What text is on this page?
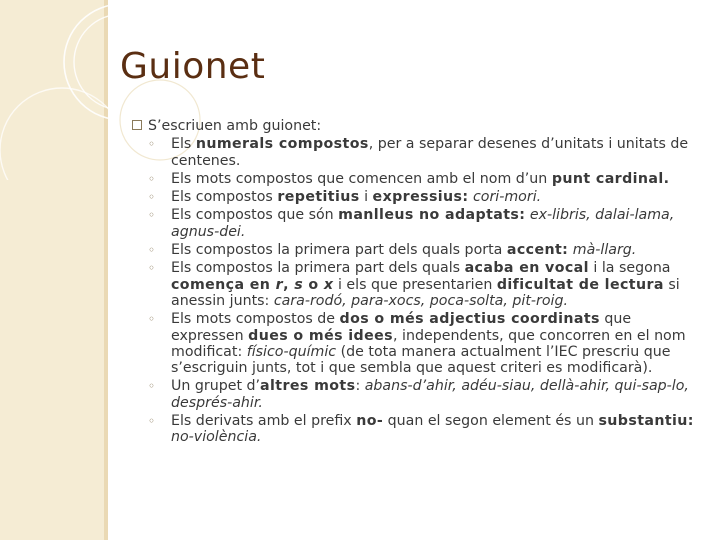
Guionet
S’escriuen amb guionet:
◦ Els numerals compostos, per a separar desenes d’unitats i unitats de centenes.
◦ Els mots compostos que comencen amb el nom d’un punt cardinal.
◦ Els compostos repetitius i expressius: cori-mori.
◦ Els compostos que són manlleus no adaptats: ex-libris, dalai-lama, agnus-dei.
◦ Els compostos la primera part dels quals porta accent: mà-llarg.
◦ Els compostos la primera part dels quals acaba en vocal i la segona comença en r, s o x i els que presentarien dificultat de lectura si anessin junts: cara-rodó, para-xocs, poca-solta, pit-roig.
◦ Els mots compostos de dos o més adjectius coordinats que expressen dues o més idees, independents, que concorren en el nom modificat: físico-químic (de tota manera actualment l’IEC prescriu que s’escriguin junts, tot i que sembla que aquest criteri es modificarà).
◦ Un grupet d’altres mots: abans-d’ahir, adéu-siau, dellà-ahir, qui-sap-lo, després-ahir.
◦ Els derivats amb el prefix no- quan el segon element és un substantiu: no-violència.
